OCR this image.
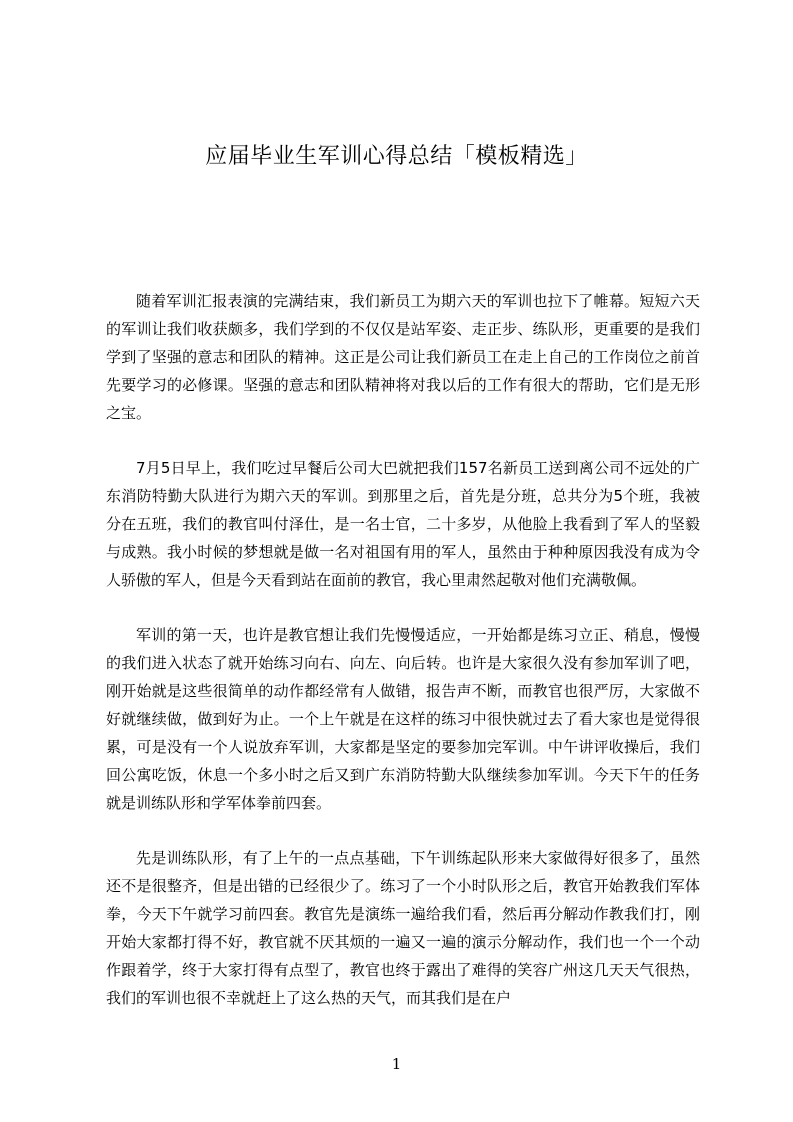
应届毕业生军训心得总结「模板精选」

随着军训汇报表演的完满结束，我们新员工为期六天的军训也拉下了帷幕。短短六天的军训让我们收获颇多，我们学到的不仅仅是站军姿、走正步、练队形，更重要的是我们学到了坚强的意志和团队的精神。这正是公司让我们新员工在走上自己的工作岗位之前首先要学习的必修课。坚强的意志和团队精神将对我以后的工作有很大的帮助，它们是无形之宝。

7月5日早上，我们吃过早餐后公司大巴就把我们157名新员工送到离公司不远处的广东消防特勤大队进行为期六天的军训。到那里之后，首先是分班，总共分为5个班，我被分在五班，我们的教官叫付泽仕，是一名士官，二十多岁，从他脸上我看到了军人的坚毅与成熟。我小时候的梦想就是做一名对祖国有用的军人，虽然由于种种原因我没有成为令人骄傲的军人，但是今天看到站在面前的教官，我心里肃然起敬对他们充满敬佩。

军训的第一天，也许是教官想让我们先慢慢适应，一开始都是练习立正、稍息，慢慢的我们进入状态了就开始练习向右、向左、向后转。也许是大家很久没有参加军训了吧，刚开始就是这些很简单的动作都经常有人做错，报告声不断，而教官也很严厉，大家做不好就继续做，做到好为止。一个上午就是在这样的练习中很快就过去了看大家也是觉得很累，可是没有一个人说放弃军训，大家都是坚定的要参加完军训。中午讲评收操后，我们回公寓吃饭，休息一个多小时之后又到广东消防特勤大队继续参加军训。今天下午的任务就是训练队形和学军体拳前四套。

先是训练队形，有了上午的一点点基础，下午训练起队形来大家做得好很多了，虽然还不是很整齐，但是出错的已经很少了。练习了一个小时队形之后，教官开始教我们军体拳，今天下午就学习前四套。教官先是演练一遍给我们看，然后再分解动作教我们打，刚开始大家都打得不好，教官就不厌其烦的一遍又一遍的演示分解动作，我们也一个一个动作跟着学，终于大家打得有点型了，教官也终于露出了难得的笑容广州这几天天气很热，我们的军训也很不幸就赶上了这么热的天气，而其我们是在户

1
